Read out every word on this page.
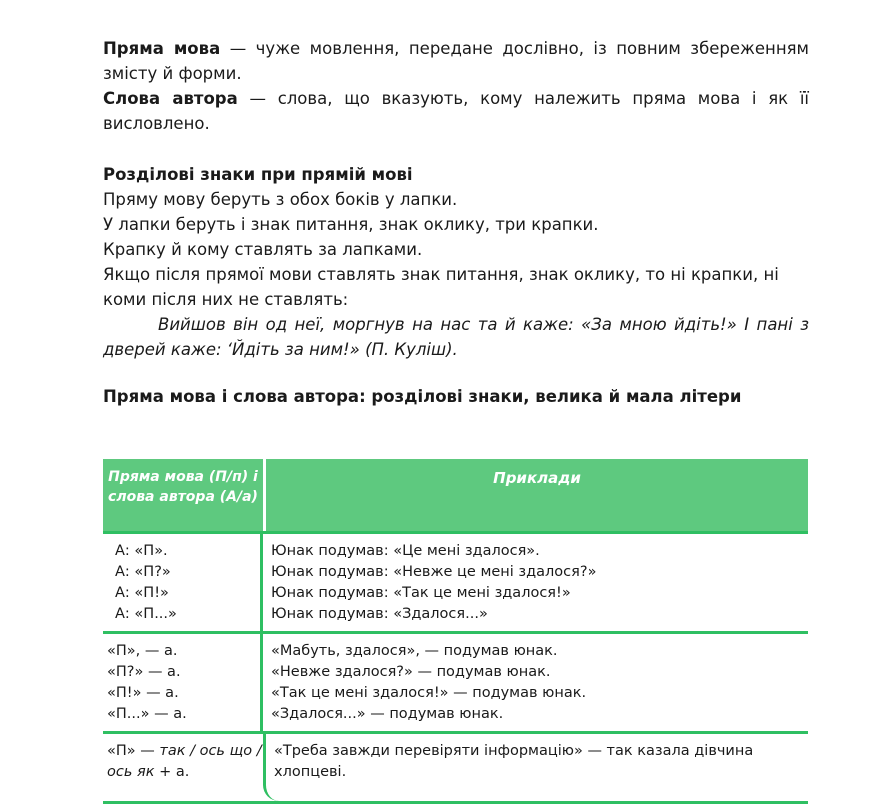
Пряма мова — чуже мовлення, передане дослівно, із повним збереженням змісту й форми.

Слова автора — слова, що вказують, кому належить пряма мова і як її висловлено.

Розділові знаки при прямій мові

Пряму мову беруть з обох боків у лапки.

У лапки беруть і знак питання, знак оклику, три крапки.

Крапку й кому ставлять за лапками.

Якщо після прямої мови ставлять знак питання, знак оклику, то ні крапки, ні коми після них не ставлять:

Вийшов він од неї, моргнув на нас та й каже: «За мною йдіть!» І пані з дверей каже: ‘Йдіть за ним!» (П. Куліш).

Пряма мова і слова автора: розділові знаки, велика й мала літери

Пряма мова (П/п) і слова автора (А/а)
Приклади
А: «П».
А: «П?»
А: «П!»
А: «П...»
Юнак подумав: «Це мені здалося».
Юнак подумав: «Невже це мені здалося?»
Юнак подумав: «Так це мені здалося!»
Юнак подумав: «Здалося...»
«П», — а.
«П?» — а.
«П!» — а.
«П...» — а.
«Мабуть, здалося», — подумав юнак.
«Невже здалося?» — подумав юнак.
«Так це мені здалося!» — подумав юнак.
«Здалося...» — подумав юнак.
«П» — так / ось що / ось як + а.
«Треба завжди перевіряти інформацію» — так казала дівчина хлопцеві.
